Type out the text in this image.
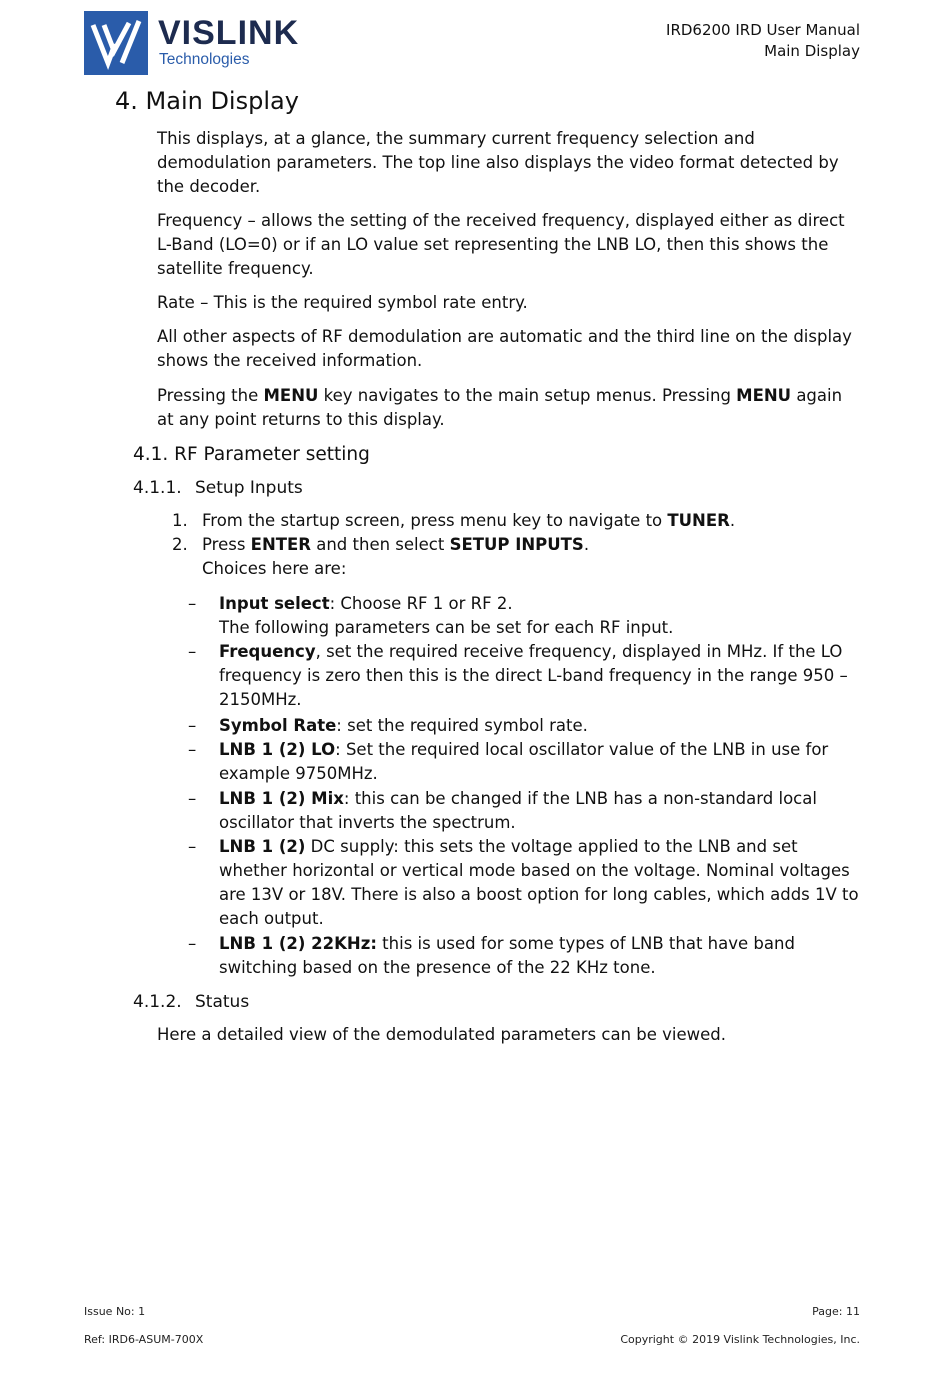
VISLINK
Technologies
IRD6200 IRD User Manual
Main Display
4. Main Display

This displays, at a glance, the summary current frequency selection and demodulation parameters. The top line also displays the video format detected by the decoder.

Frequency – allows the setting of the received frequency, displayed either as direct L-Band (LO=0) or if an LO value set representing the LNB LO, then this shows the satellite frequency.

Rate – This is the required symbol rate entry.

All other aspects of RF demodulation are automatic and the third line on the display shows the received information.

Pressing the MENU key navigates to the main setup menus. Pressing MENU again at any point returns to this display.

4.1. RF Parameter setting
4.1.1. Setup Inputs
1. From the startup screen, press menu key to navigate to TUNER.
2. Press ENTER and then select SETUP INPUTS.
Choices here are:
– Input select: Choose RF 1 or RF 2.
The following parameters can be set for each RF input.
– Frequency, set the required receive frequency, displayed in MHz. If the LO frequency is zero then this is the direct L-band frequency in the range 950 – 2150MHz.
– Symbol Rate: set the required symbol rate.
– LNB 1 (2) LO: Set the required local oscillator value of the LNB in use for example 9750MHz.
– LNB 1 (2) Mix: this can be changed if the LNB has a non-standard local oscillator that inverts the spectrum.
– LNB 1 (2) DC supply: this sets the voltage applied to the LNB and set whether horizontal or vertical mode based on the voltage. Nominal voltages are 13V or 18V. There is also a boost option for long cables, which adds 1V to each output.
– LNB 1 (2) 22KHz: this is used for some types of LNB that have band switching based on the presence of the 22 KHz tone.
4.1.2. Status

Here a detailed view of the demodulated parameters can be viewed.

Issue No: 1	Page: 11
Ref: IRD6-ASUM-700X	Copyright © 2019 Vislink Technologies, Inc.
